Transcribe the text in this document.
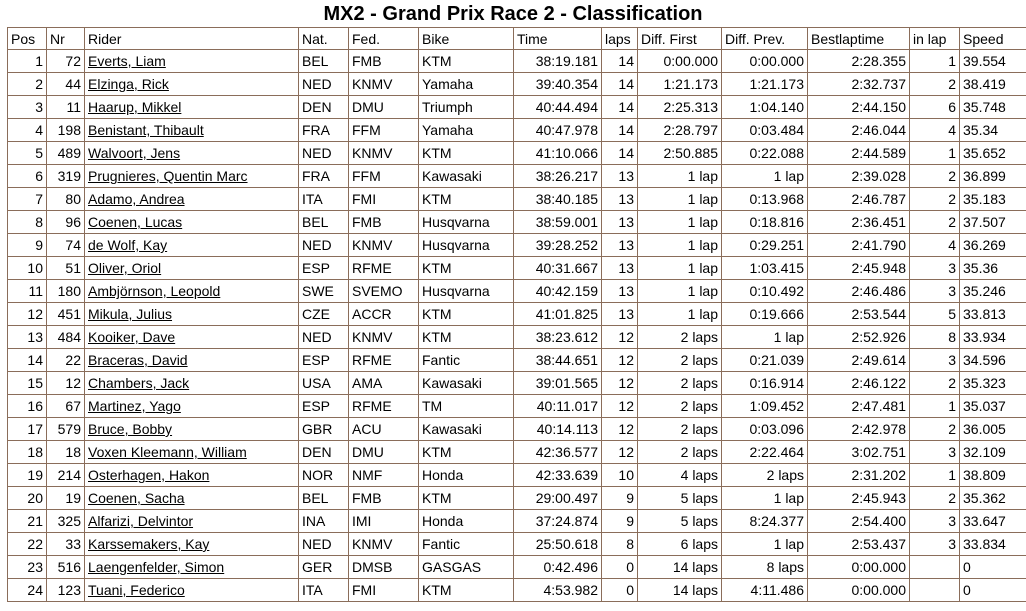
MX2 - Grand Prix Race 2 - Classification
Pos	Nr	Rider	Nat.	Fed.	Bike	Time	laps	Diff. First	Diff. Prev.	Bestlaptime	in lap	Speed
1	72	Everts, Liam	BEL	FMB	KTM	38:19.181	14	0:00.000	0:00.000	2:28.355	1	39.554
2	44	Elzinga, Rick	NED	KNMV	Yamaha	39:40.354	14	1:21.173	1:21.173	2:32.737	2	38.419
3	11	Haarup, Mikkel	DEN	DMU	Triumph	40:44.494	14	2:25.313	1:04.140	2:44.150	6	35.748
4	198	Benistant, Thibault	FRA	FFM	Yamaha	40:47.978	14	2:28.797	0:03.484	2:46.044	4	35.34
5	489	Walvoort, Jens	NED	KNMV	KTM	41:10.066	14	2:50.885	0:22.088	2:44.589	1	35.652
6	319	Prugnieres, Quentin Marc	FRA	FFM	Kawasaki	38:26.217	13	1 lap	1 lap	2:39.028	2	36.899
7	80	Adamo, Andrea	ITA	FMI	KTM	38:40.185	13	1 lap	0:13.968	2:46.787	2	35.183
8	96	Coenen, Lucas	BEL	FMB	Husqvarna	38:59.001	13	1 lap	0:18.816	2:36.451	2	37.507
9	74	de Wolf, Kay	NED	KNMV	Husqvarna	39:28.252	13	1 lap	0:29.251	2:41.790	4	36.269
10	51	Oliver, Oriol	ESP	RFME	KTM	40:31.667	13	1 lap	1:03.415	2:45.948	3	35.36
11	180	Ambjörnson, Leopold	SWE	SVEMO	Husqvarna	40:42.159	13	1 lap	0:10.492	2:46.486	3	35.246
12	451	Mikula, Julius	CZE	ACCR	KTM	41:01.825	13	1 lap	0:19.666	2:53.544	5	33.813
13	484	Kooiker, Dave	NED	KNMV	KTM	38:23.612	12	2 laps	1 lap	2:52.926	8	33.934
14	22	Braceras, David	ESP	RFME	Fantic	38:44.651	12	2 laps	0:21.039	2:49.614	3	34.596
15	12	Chambers, Jack	USA	AMA	Kawasaki	39:01.565	12	2 laps	0:16.914	2:46.122	2	35.323
16	67	Martinez, Yago	ESP	RFME	TM	40:11.017	12	2 laps	1:09.452	2:47.481	1	35.037
17	579	Bruce, Bobby	GBR	ACU	Kawasaki	40:14.113	12	2 laps	0:03.096	2:42.978	2	36.005
18	18	Voxen Kleemann, William	DEN	DMU	KTM	42:36.577	12	2 laps	2:22.464	3:02.751	3	32.109
19	214	Osterhagen, Hakon	NOR	NMF	Honda	42:33.639	10	4 laps	2 laps	2:31.202	1	38.809
20	19	Coenen, Sacha	BEL	FMB	KTM	29:00.497	9	5 laps	1 lap	2:45.943	2	35.362
21	325	Alfarizi, Delvintor	INA	IMI	Honda	37:24.874	9	5 laps	8:24.377	2:54.400	3	33.647
22	33	Karssemakers, Kay	NED	KNMV	Fantic	25:50.618	8	6 laps	1 lap	2:53.437	3	33.834
23	516	Laengenfelder, Simon	GER	DMSB	GASGAS	0:42.496	0	14 laps	8 laps	0:00.000		0
24	123	Tuani, Federico	ITA	FMI	KTM	4:53.982	0	14 laps	4:11.486	0:00.000		0
